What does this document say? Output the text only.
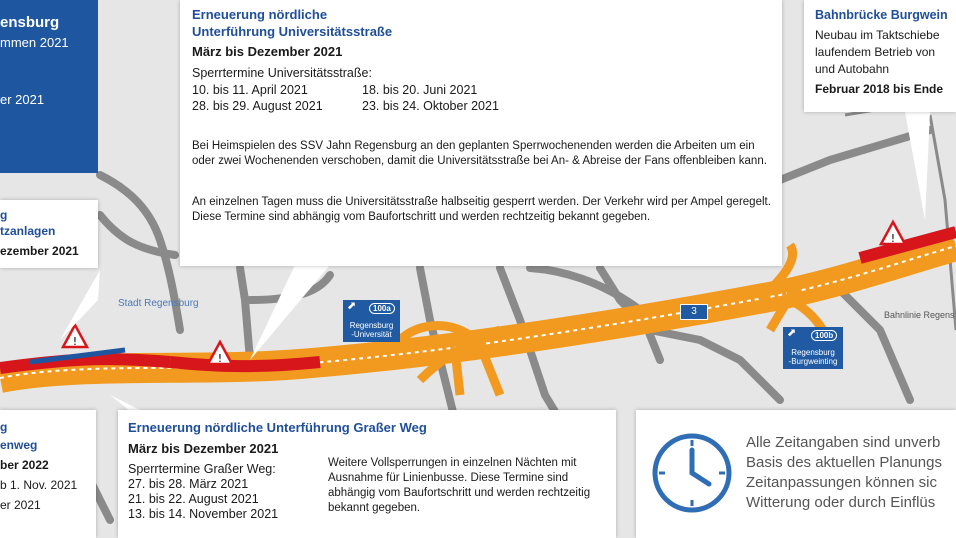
!
!
!
Stadt Regensburg
Bahnlinie Regens
3
⬈	100a
Regensburg
-Universität	⬈	100b
Regensburg
-Burgweinting
ensburg
mmen 2021
er 2021
g
tzanlagen
ezember 2021
g
enweg
ber 2022
b 1. Nov. 2021
er 2021
Erneuerung nördliche
Unterführung Universitätsstraße
März bis Dezember 2021
Sperrtermine Universitätsstraße:
10. bis 11. April 2021	18. bis 20. Juni 2021
28. bis 29. August 2021	23. bis 24. Oktober 2021
Bei Heimspielen des SSV Jahn Regensburg an den geplanten Sperrwochenenden werden die Arbeiten um ein oder zwei Wochenenden verschoben, damit die Universitätsstraße bei An- & Abreise der Fans offenbleiben kann.
An einzelnen Tagen muss die Universitätsstraße halbseitig gesperrt werden. Der Verkehr wird per Ampel geregelt. Diese Termine sind abhängig vom Baufortschritt und werden rechtzeitig bekannt gegeben.
Bahnbrücke Burgwein
Neubau im Taktschiebe
laufendem Betrieb von
und Autobahn
Februar 2018 bis Ende
Erneuerung nördliche Unterführung Graßer Weg
März bis Dezember 2021
Sperrtermine Graßer Weg:
27. bis 28. März 2021
21. bis 22. August 2021
13. bis 14. November 2021
Weitere Vollsperrungen in einzelnen Nächten mit Ausnahme für Linienbusse. Diese Termine sind abhängig vom Baufortschritt und werden rechtzeitig bekannt gegeben.
Alle Zeitangaben sind unverb
Basis des aktuellen Planungs
Zeitanpassungen können sic
Witterung oder durch Einflüs
